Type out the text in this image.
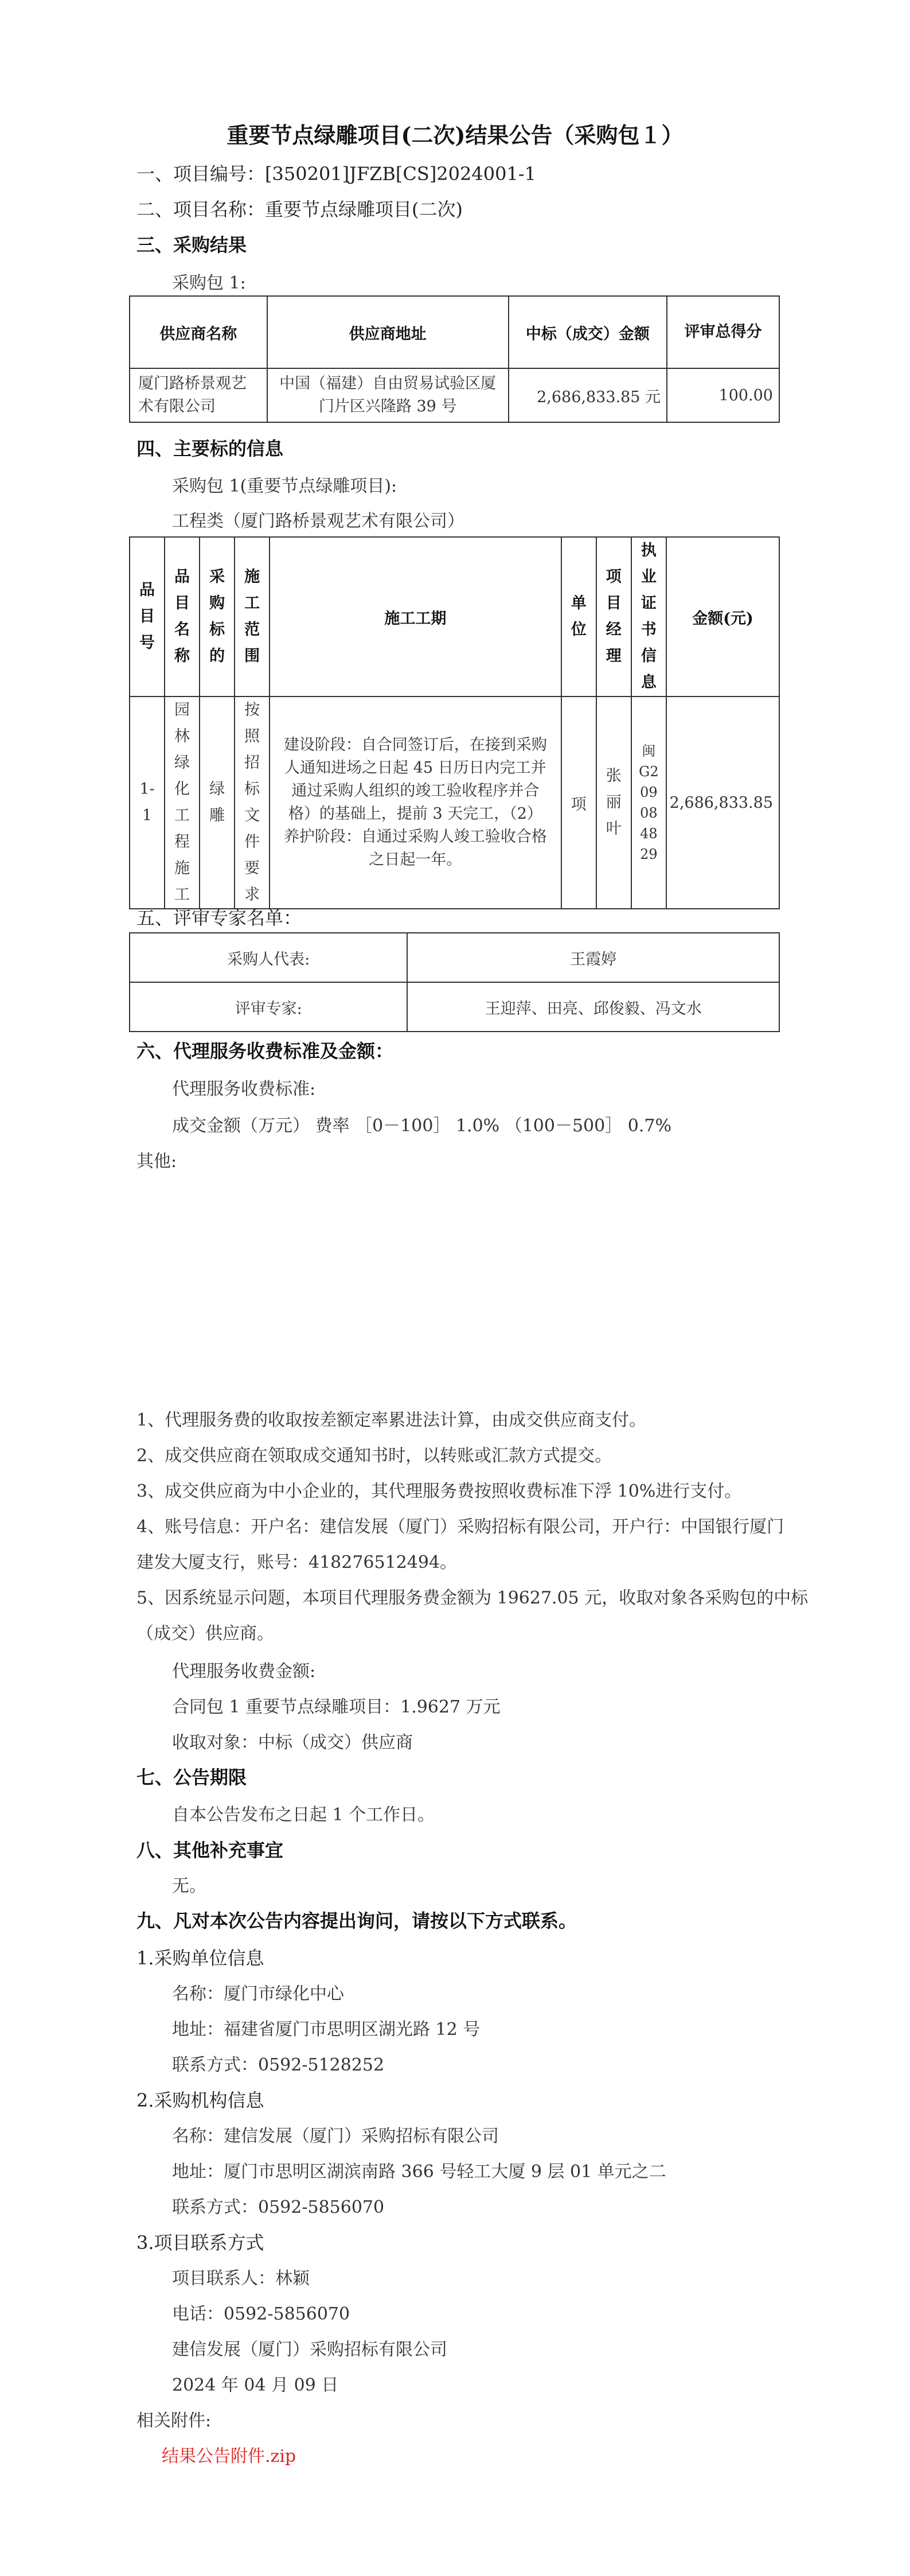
重要节点绿雕项目(二次)结果公告（采购包１）
一、项目编号：[350201]JFZB[CS]2024001-1
二、项目名称：重要节点绿雕项目(二次)
三、采购结果
采购包 1:
供应商名称	供应商地址	中标（成交）金额	评审总得分
厦门路桥景观艺术有限公司	中国（福建）自由贸易试验区厦门片区兴隆路 39 号	2,686,833.85 元	100.00
四、主要标的信息
采购包 1(重要节点绿雕项目):
工程类（厦门路桥景观艺术有限公司）
品目号	品目名称	采购标的	施工范围	施工工期	单位	项目经理	执业证书信息	金额(元)

1-1	园林绿化工程施工	绿雕	按照招标文件要求	建设阶段：自合同签订后，在接到采购人通知进场之日起 45 日历日内完工并通过采购人组织的竣工验收程序并合格）的基础上，提前 3 天完工，（2）养护阶段：自通过采购人竣工验收合格之日起一年。	项	张丽叶	闽G2090848 29	2,686,833.85
五、评审专家名单：
采购人代表:	王霞婷
评审专家:	王迎萍、田亮、邱俊毅、冯文水
六、代理服务收费标准及金额：
代理服务收费标准:
成交金额（万元） 费率 ［0－100］ 1.0% （100－500］ 0.7%
其他:
1、代理服务费的收取按差额定率累进法计算，由成交供应商支付。
2、成交供应商在领取成交通知书时，以转账或汇款方式提交。
3、成交供应商为中小企业的，其代理服务费按照收费标准下浮 10%进行支付。
4、账号信息：开户名：建信发展（厦门）采购招标有限公司，开户行：中国银行厦门
建发大厦支行，账号：418276512494。
5、因系统显示问题，本项目代理服务费金额为 19627.05 元，收取对象各采购包的中标
（成交）供应商。
代理服务收费金额:
合同包 1 重要节点绿雕项目：1.9627 万元
收取对象：中标（成交）供应商
七、公告期限
自本公告发布之日起 1 个工作日。
八、其他补充事宜
无。
九、凡对本次公告内容提出询问，请按以下方式联系。
1.采购单位信息
名称：厦门市绿化中心
地址：福建省厦门市思明区湖光路 12 号
联系方式：0592-5128252
2.采购机构信息
名称：建信发展（厦门）采购招标有限公司
地址：厦门市思明区湖滨南路 366 号轻工大厦 9 层 01 单元之二
联系方式：0592-5856070
3.项目联系方式
项目联系人：林颖
电话：0592-5856070
建信发展（厦门）采购招标有限公司
2024 年 04 月 09 日
相关附件:
结果公告附件.zip
